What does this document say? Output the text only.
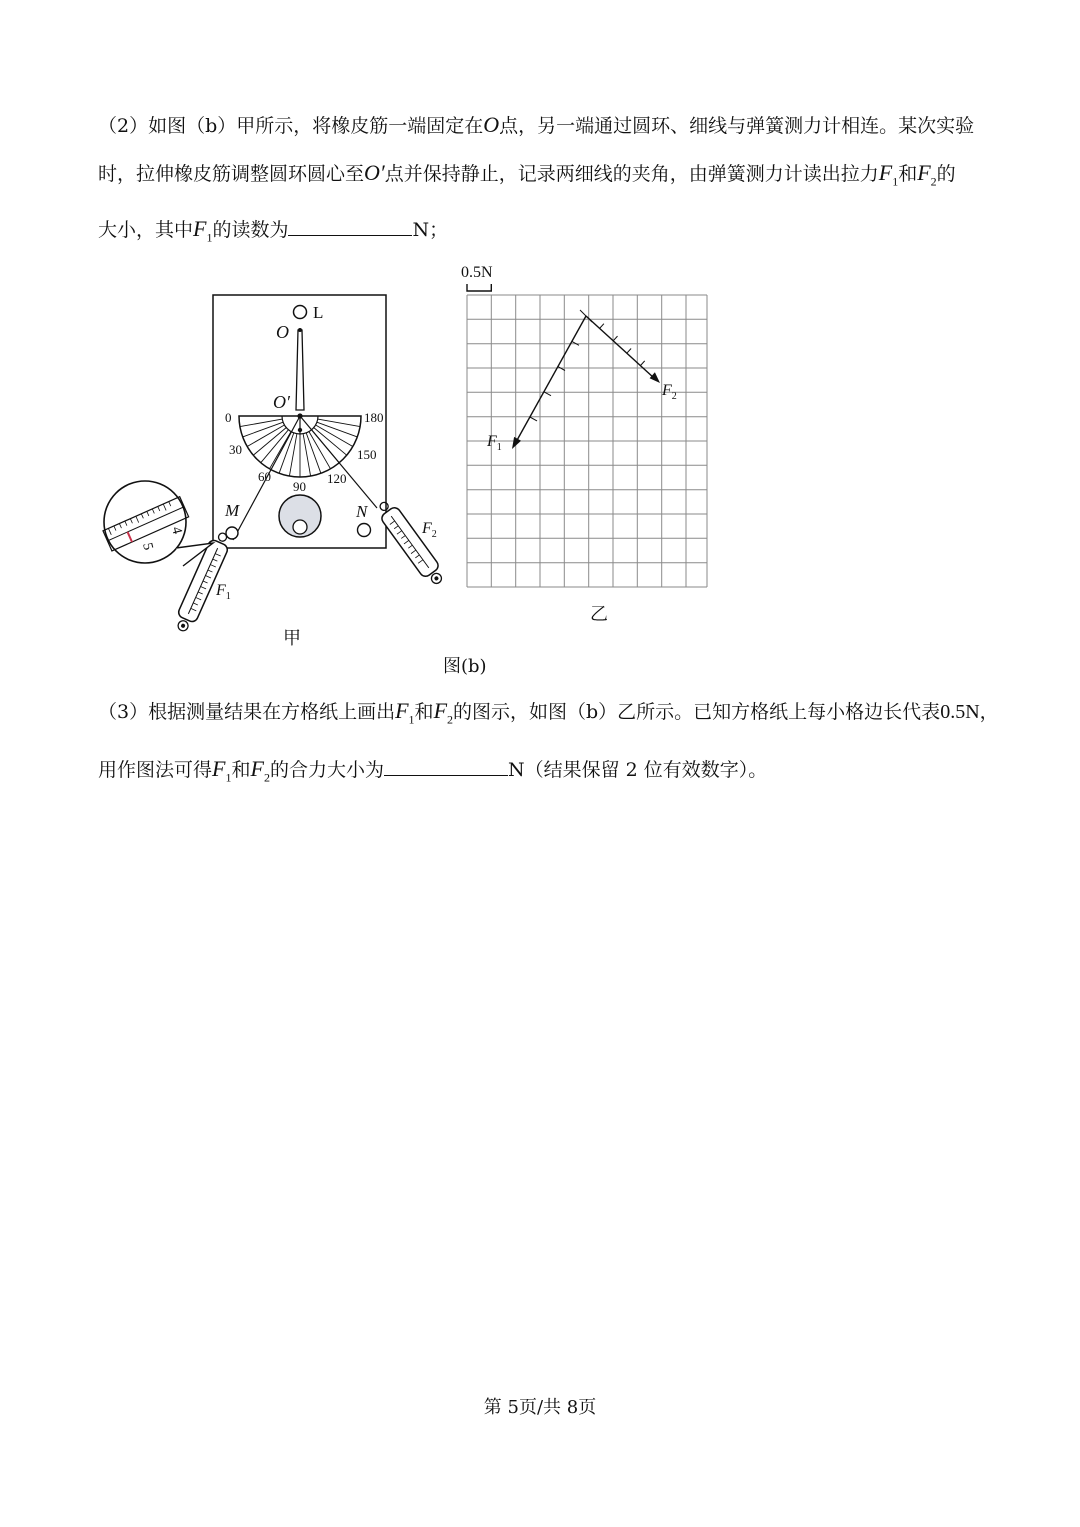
（2）如图（b）甲所示，将橡皮筋一端固定在O点，另一端通过圆环、细线与弹簧测力计相连。某次实验
时，拉伸橡皮筋调整圆环圆心至O′点并保持静止，记录两细线的夹角，由弹簧测力计读出拉力$F_1$和$F_2$的
大小，其中$F_1$的读数为	N；
L
O
O′
0
30
60
90
120
150
180
M	N
$F_1$
$F_2$
4
5
0.5N
$F_1$
$F_2$
甲
乙
图(b)
（3）根据测量结果在方格纸上画出$F_1$和$F_2$的图示，如图（b）乙所示。已知方格纸上每小格边长代表0.5N，
用作图法可得$F_1$和$F_2$的合力大小为	N（结果保留 2 位有效数字）。
第 5页/共 8页
